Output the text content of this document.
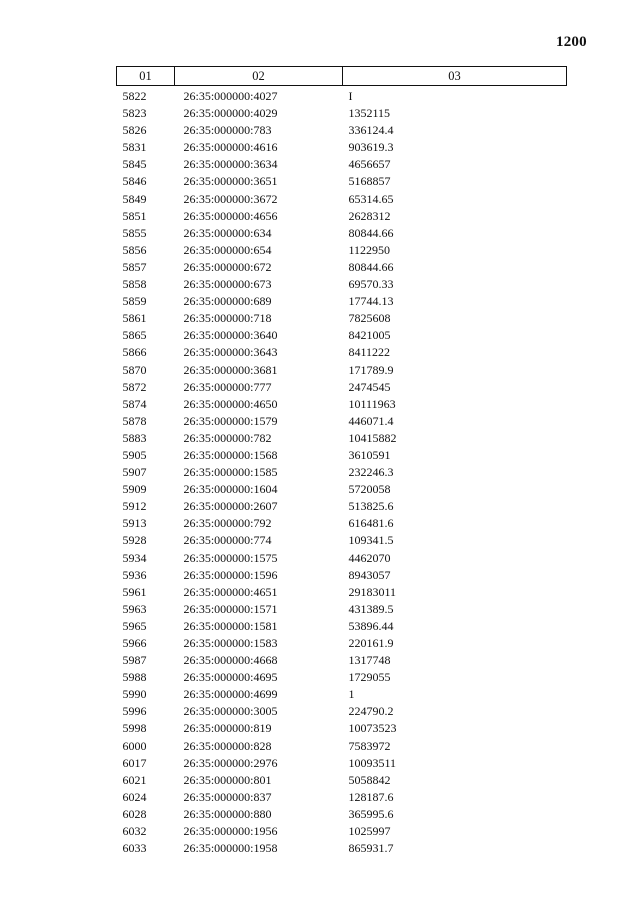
1200
01	02	03
5822	26:35:000000:4027	I
5823	26:35:000000:4029	1352115
5826	26:35:000000:783	336124.4
5831	26:35:000000:4616	903619.3
5845	26:35:000000:3634	4656657
5846	26:35:000000:3651	5168857
5849	26:35:000000:3672	65314.65
5851	26:35:000000:4656	2628312
5855	26:35:000000:634	80844.66
5856	26:35:000000:654	1122950
5857	26:35:000000:672	80844.66
5858	26:35:000000:673	69570.33
5859	26:35:000000:689	17744.13
5861	26:35:000000:718	7825608
5865	26:35:000000:3640	8421005
5866	26:35:000000:3643	8411222
5870	26:35:000000:3681	171789.9
5872	26:35:000000:777	2474545
5874	26:35:000000:4650	10111963
5878	26:35:000000:1579	446071.4
5883	26:35:000000:782	10415882
5905	26:35:000000:1568	3610591
5907	26:35:000000:1585	232246.3
5909	26:35:000000:1604	5720058
5912	26:35:000000:2607	513825.6
5913	26:35:000000:792	616481.6
5928	26:35:000000:774	109341.5
5934	26:35:000000:1575	4462070
5936	26:35:000000:1596	8943057
5961	26:35:000000:4651	29183011
5963	26:35:000000:1571	431389.5
5965	26:35:000000:1581	53896.44
5966	26:35:000000:1583	220161.9
5987	26:35:000000:4668	1317748
5988	26:35:000000:4695	1729055
5990	26:35:000000:4699	1
5996	26:35:000000:3005	224790.2
5998	26:35:000000:819	10073523
6000	26:35:000000:828	7583972
6017	26:35:000000:2976	10093511
6021	26:35:000000:801	5058842
6024	26:35:000000:837	128187.6
6028	26:35:000000:880	365995.6
6032	26:35:000000:1956	1025997
6033	26:35:000000:1958	865931.7
